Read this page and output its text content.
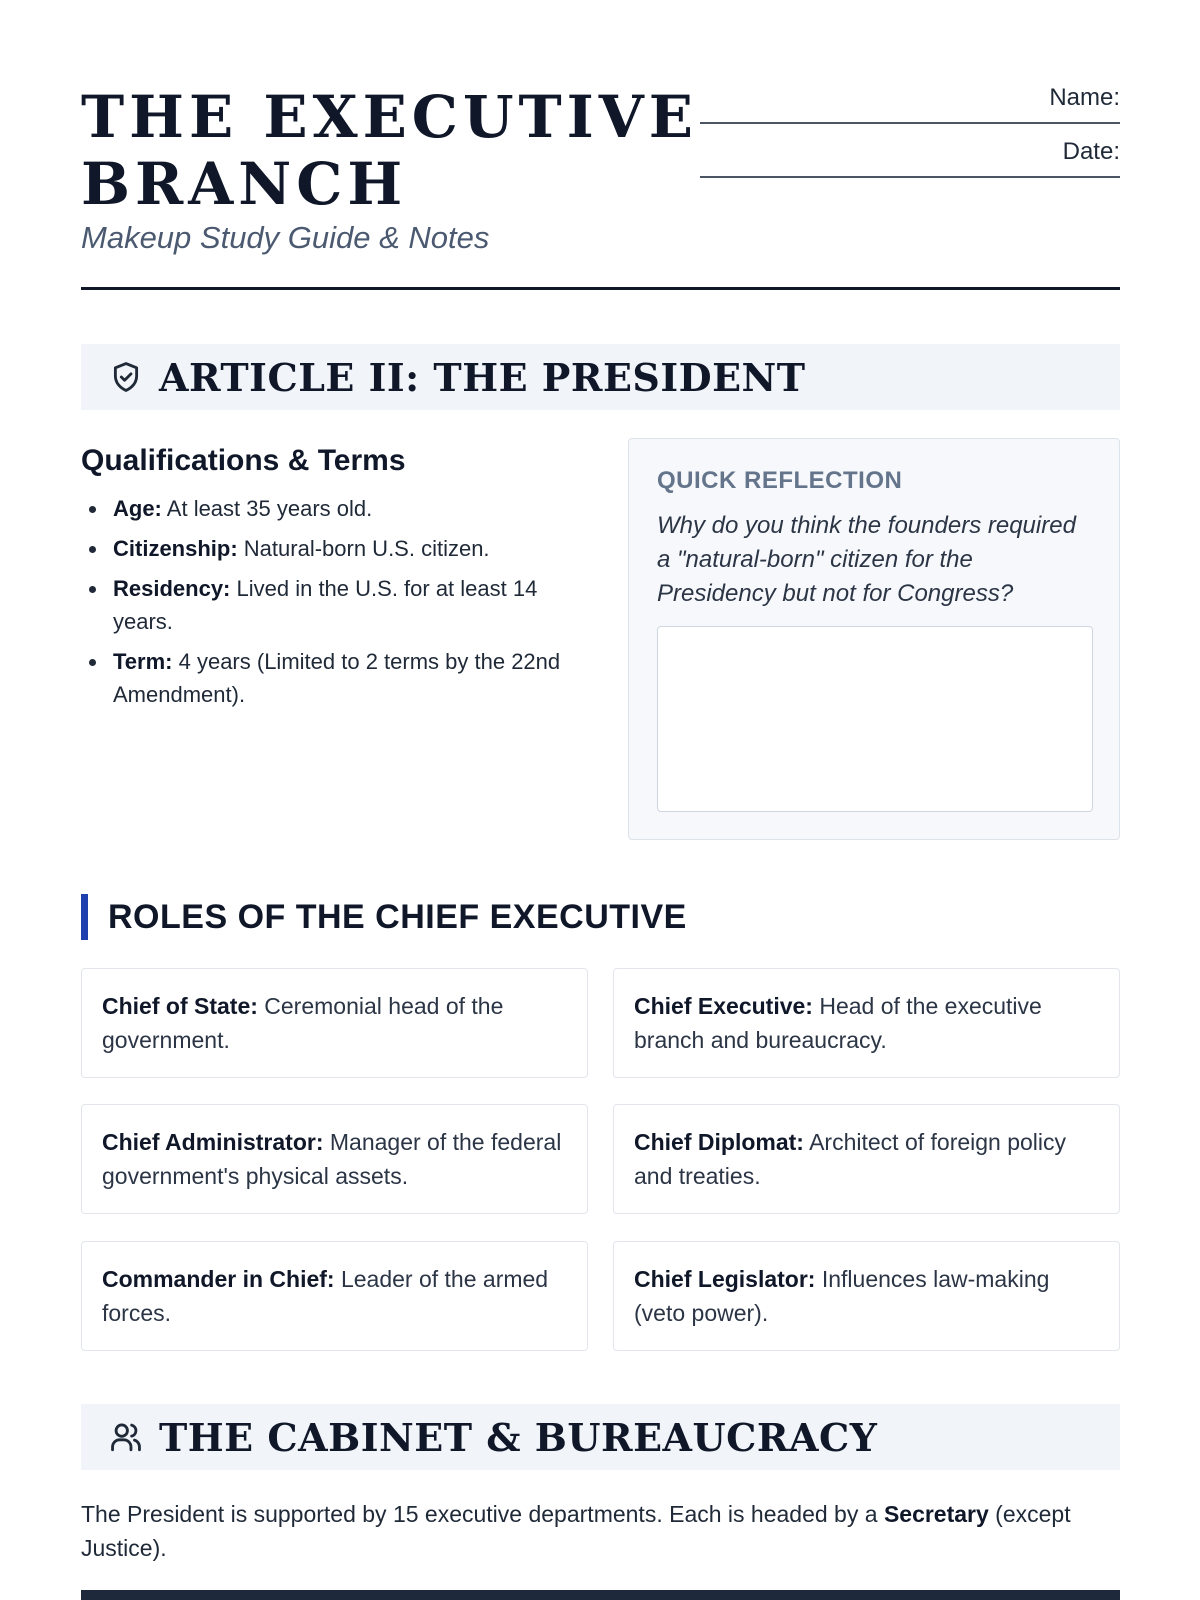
THE EXECUTIVE
BRANCH
Makeup Study Guide & Notes
Name:
Date:
ARTICLE II: THE PRESIDENT
Qualifications & Terms
Age: At least 35 years old.
Citizenship: Natural-born U.S. citizen.
Residency: Lived in the U.S. for at least 14 years.
Term: 4 years (Limited to 2 terms by the 22nd Amendment).
QUICK REFLECTION
Why do you think the founders required a "natural-born" citizen for the Presidency but not for Congress?
ROLES OF THE CHIEF EXECUTIVE
Chief of State: Ceremonial head of the government.
Chief Executive: Head of the executive branch and bureaucracy.
Chief Administrator: Manager of the federal government's physical assets.
Chief Diplomat: Architect of foreign policy and treaties.
Commander in Chief: Leader of the armed forces.
Chief Legislator: Influences law-making (veto power).
THE CABINET & BUREAUCRACY
The President is supported by 15 executive departments. Each is headed by a Secretary (except Justice).
